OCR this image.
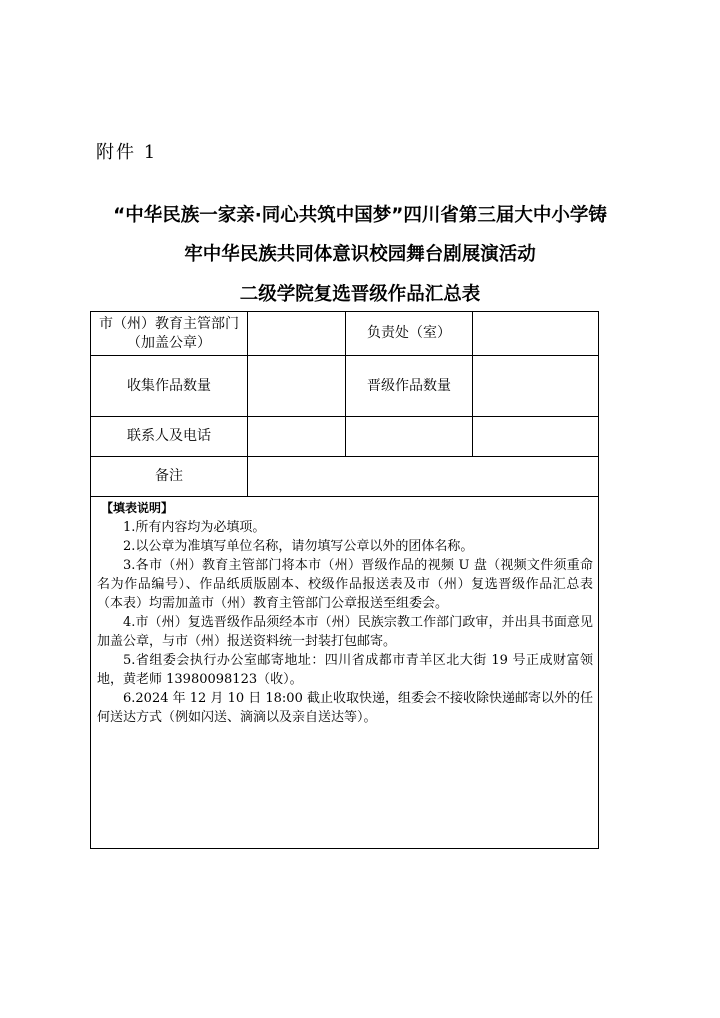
附件 1
“中华民族一家亲·同心共筑中国梦”四川省第三届大中小学铸
牢中华民族共同体意识校园舞台剧展演活动
二级学院复选晋级作品汇总表
市（州）教育主管部门
（加盖公章）
负责处（室）
收集作品数量	晋级作品数量
联系人及电话
备注
【填表说明】

1.所有内容均为必填项。

2.以公章为准填写单位名称，请勿填写公章以外的团体名称。

3.各市（州）教育主管部门将本市（州）晋级作品的视频 U 盘（视频文件须重命名为作品编号）、作品纸质版剧本、校级作品报送表及市（州）复选晋级作品汇总表（本表）均需加盖市（州）教育主管部门公章报送至组委会。

4.市（州）复选晋级作品须经本市（州）民族宗教工作部门政审，并出具书面意见加盖公章，与市（州）报送资料统一封装打包邮寄。

5.省组委会执行办公室邮寄地址：四川省成都市青羊区北大街 19 号正成财富领地，黄老师 13980098123（收）。

6.2024 年 12 月 10 日 18:00 截止收取快递，组委会不接收除快递邮寄以外的任何送达方式（例如闪送、滴滴以及亲自送达等）。
